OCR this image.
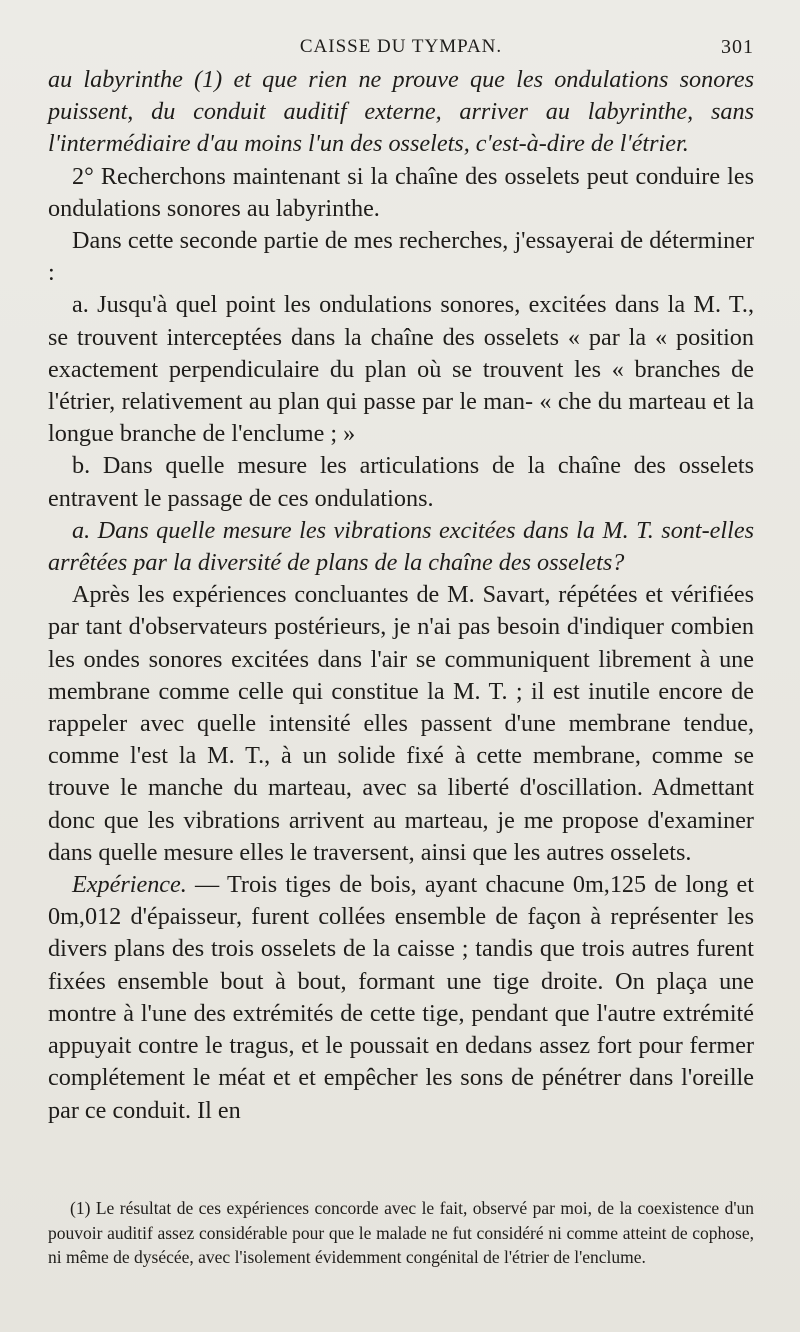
CAISSE DU TYMPAN.	301

au labyrinthe (1) et que rien ne prouve que les ondulations sonores puissent, du conduit auditif externe, arriver au labyrinthe, sans l'intermédiaire d'au moins l'un des osselets, c'est-à-dire de l'étrier.

2° Recherchons maintenant si la chaîne des osselets peut conduire les ondulations sonores au labyrinthe.

Dans cette seconde partie de mes recherches, j'essayerai de déterminer :

a. Jusqu'à quel point les ondulations sonores, excitées dans la M. T., se trouvent interceptées dans la chaîne des osselets « par la « position exactement perpendiculaire du plan où se trouvent les « branches de l'étrier, relativement au plan qui passe par le man- « che du marteau et la longue branche de l'enclume ; »

b. Dans quelle mesure les articulations de la chaîne des osselets entravent le passage de ces ondulations.

a. Dans quelle mesure les vibrations excitées dans la M. T. sont-elles arrêtées par la diversité de plans de la chaîne des osselets?

Après les expériences concluantes de M. Savart, répétées et vérifiées par tant d'observateurs postérieurs, je n'ai pas besoin d'indiquer combien les ondes sonores excitées dans l'air se communiquent librement à une membrane comme celle qui constitue la M. T. ; il est inutile encore de rappeler avec quelle intensité elles passent d'une membrane tendue, comme l'est la M. T., à un solide fixé à cette membrane, comme se trouve le manche du marteau, avec sa liberté d'oscillation. Admettant donc que les vibrations arrivent au marteau, je me propose d'examiner dans quelle mesure elles le traversent, ainsi que les autres osselets.

Expérience. — Trois tiges de bois, ayant chacune 0m,125 de long et 0m,012 d'épaisseur, furent collées ensemble de façon à représenter les divers plans des trois osselets de la caisse ; tandis que trois autres furent fixées ensemble bout à bout, formant une tige droite. On plaça une montre à l'une des extrémités de cette tige, pendant que l'autre extrémité appuyait contre le tragus, et le poussait en dedans assez fort pour fermer complétement le méat et et empêcher les sons de pénétrer dans l'oreille par ce conduit. Il en

(1) Le résultat de ces expériences concorde avec le fait, observé par moi, de la coexistence d'un pouvoir auditif assez considérable pour que le malade ne fut considéré ni comme atteint de cophose, ni même de dysécée, avec l'isolement évidemment congénital de l'étrier de l'enclume.
